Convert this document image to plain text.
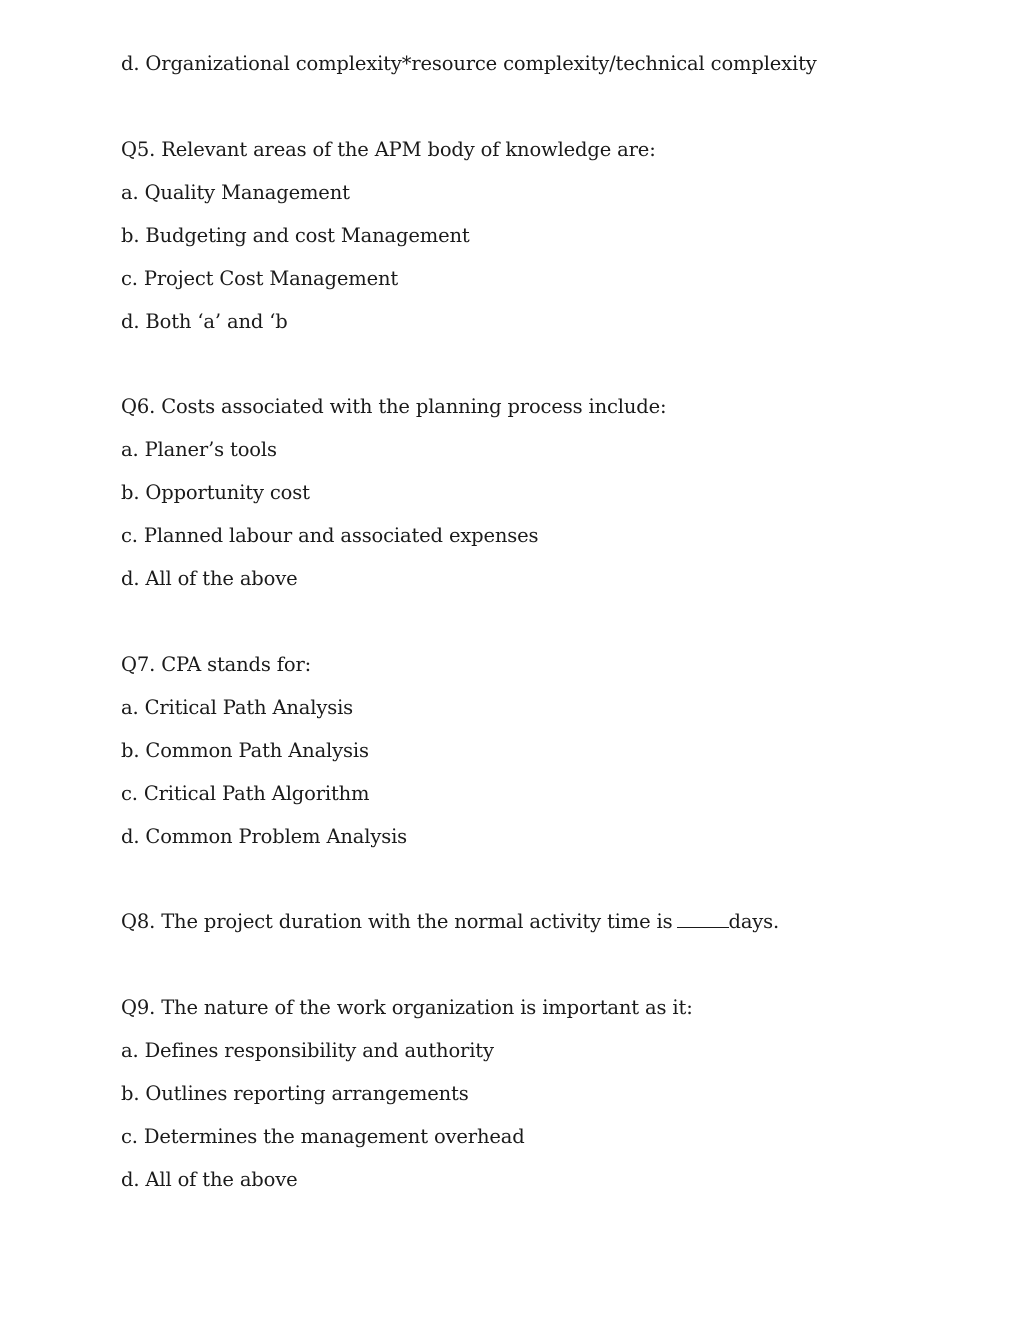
d. Organizational complexity*resource complexity/technical complexity
Q5. Relevant areas of the APM body of knowledge are:
a. Quality Management
b. Budgeting and cost Management
c. Project Cost Management
d. Both ‘a’ and ‘b
Q6. Costs associated with the planning process include:
a. Planer’s tools
b. Opportunity cost
c. Planned labour and associated expenses
d. All of the above
Q7. CPA stands for:
a. Critical Path Analysis
b. Common Path Analysis
c. Critical Path Algorithm
d. Common Problem Analysis
Q8. The project duration with the normal activity time is	days.
Q9. The nature of the work organization is important as it:
a. Defines responsibility and authority
b. Outlines reporting arrangements
c. Determines the management overhead
d. All of the above
